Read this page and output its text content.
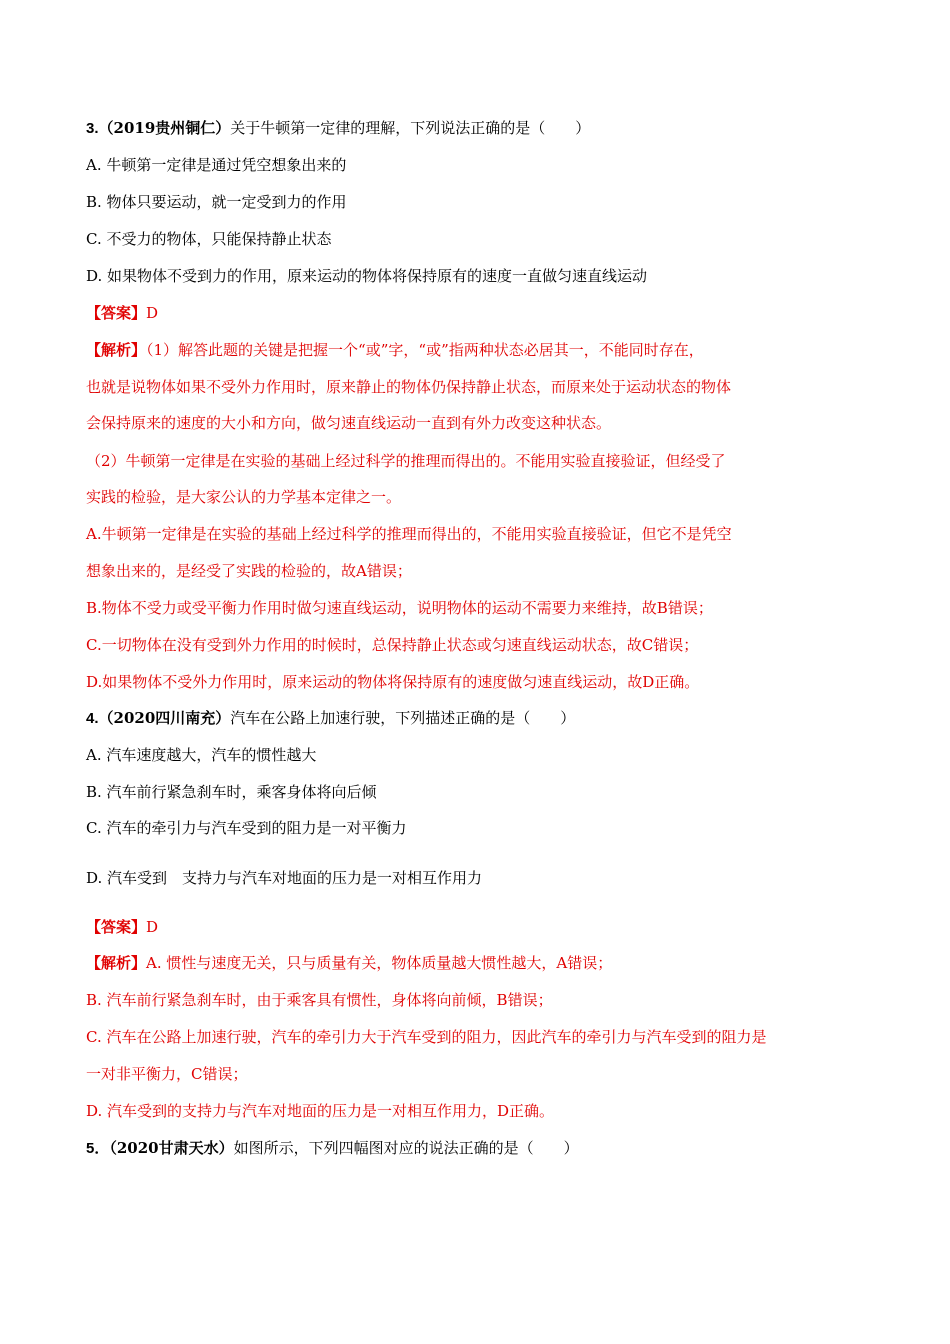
3.（2019贵州铜仁）关于牛顿第一定律的理解，下列说法正确的是（　　）
A. 牛顿第一定律是通过凭空想象出来的
B. 物体只要运动，就一定受到力的作用
C. 不受力的物体，只能保持静止状态
D. 如果物体不受到力的作用，原来运动的物体将保持原有的速度一直做匀速直线运动
【答案】D
【解析】（1）解答此题的关键是把握一个“或”字，“或”指两种状态必居其一，不能同时存在，
也就是说物体如果不受外力作用时，原来静止的物体仍保持静止状态，而原来处于运动状态的物体
会保持原来的速度的大小和方向，做匀速直线运动一直到有外力改变这种状态。
（2）牛顿第一定律是在实验的基础上经过科学的推理而得出的。不能用实验直接验证，但经受了
实践的检验，是大家公认的力学基本定律之一。
A.牛顿第一定律是在实验的基础上经过科学的推理而得出的，不能用实验直接验证，但它不是凭空
想象出来的，是经受了实践的检验的，故A错误；
B.物体不受力或受平衡力作用时做匀速直线运动，说明物体的运动不需要力来维持，故B错误；
C.一切物体在没有受到外力作用的时候时，总保持静止状态或匀速直线运动状态，故C错误；
D.如果物体不受外力作用时，原来运动的物体将保持原有的速度做匀速直线运动，故D正确。
4.（2020四川南充）汽车在公路上加速行驶，下列描述正确的是（　　）
A. 汽车速度越大，汽车的惯性越大
B. 汽车前行紧急刹车时，乘客身体将向后倾
C. 汽车的牵引力与汽车受到的阻力是一对平衡力
D. 汽车受到　支持力与汽车对地面的压力是一对相互作用力
【答案】D
【解析】A. 惯性与速度无关，只与质量有关，物体质量越大惯性越大，A错误；
B. 汽车前行紧急刹车时，由于乘客具有惯性，身体将向前倾，B错误；
C. 汽车在公路上加速行驶，汽车的牵引力大于汽车受到的阻力，因此汽车的牵引力与汽车受到的阻力是
一对非平衡力，C错误；
D. 汽车受到的支持力与汽车对地面的压力是一对相互作用力，D正确。
5．（2020甘肃天水）如图所示，下列四幅图对应的说法正确的是（　　）
